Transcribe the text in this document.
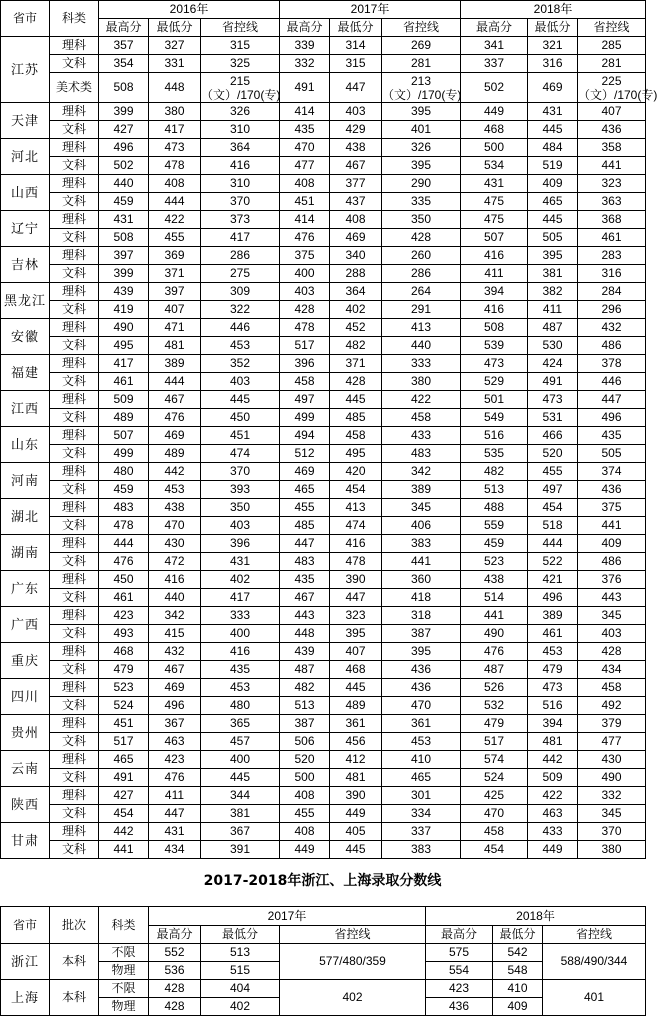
省市	科类	2016年			2017年			2018年		
		最高分	最低分	省控线	最高分	最低分	省控线	最高分	最低分	省控线
江苏	理科	357	327	315	339	314	269	341	321	285
	文科	354	331	325	332	315	281	337	316	281
	美术类	508	448	215（文）/170(专)	491	447	213（文）/170(专)	502	469	225（文）/170(专)
天津	理科	399	380	326	414	403	395	449	431	407
	文科	427	417	310	435	429	401	468	445	436
河北	理科	496	473	364	470	438	326	500	484	358
	文科	502	478	416	477	467	395	534	519	441
山西	理科	440	408	310	408	377	290	431	409	323
	文科	459	444	370	451	437	335	475	465	363
辽宁	理科	431	422	373	414	408	350	475	445	368
	文科	508	455	417	476	469	428	507	505	461
吉林	理科	397	369	286	375	340	260	416	395	283
	文科	399	371	275	400	288	286	411	381	316
黑龙江	理科	439	397	309	403	364	264	394	382	284
	文科	419	407	322	428	402	291	416	411	296
安徽	理科	490	471	446	478	452	413	508	487	432
	文科	495	481	453	517	482	440	539	530	486
福建	理科	417	389	352	396	371	333	473	424	378
	文科	461	444	403	458	428	380	529	491	446
江西	理科	509	467	445	497	445	422	501	473	447
	文科	489	476	450	499	485	458	549	531	496
山东	理科	507	469	451	494	458	433	516	466	435
	文科	499	489	474	512	495	483	535	520	505
河南	理科	480	442	370	469	420	342	482	455	374
	文科	459	453	393	465	454	389	513	497	436
湖北	理科	483	438	350	455	413	345	488	454	375
	文科	478	470	403	485	474	406	559	518	441
湖南	理科	444	430	396	447	416	383	459	444	409
	文科	476	472	431	483	478	441	523	522	486
广东	理科	450	416	402	435	390	360	438	421	376
	文科	461	440	417	467	447	418	514	496	443
广西	理科	423	342	333	443	323	318	441	389	345
	文科	493	415	400	448	395	387	490	461	403
重庆	理科	468	432	416	439	407	395	476	453	428
	文科	479	467	435	487	468	436	487	479	434
四川	理科	523	469	453	482	445	436	526	473	458
	文科	524	496	480	513	489	470	532	516	492
贵州	理科	451	367	365	387	361	361	479	394	379
	文科	517	463	457	506	456	453	517	481	477
云南	理科	465	423	400	520	412	410	574	442	430
	文科	491	476	445	500	481	465	524	509	490
陕西	理科	427	411	344	408	390	301	425	422	332
	文科	454	447	381	455	449	334	470	463	345
甘肃	理科	442	431	367	408	405	337	458	433	370
	文科	441	434	391	449	445	383	454	449	380
2017-2018年浙江、上海录取分数线
省市	批次	科类	2017年			2018年		
			最高分	最低分	省控线	最高分	最低分	省控线
浙江	本科	不限	552	513	577/480/359	575	542	588/490/344
		物理	536	515		554	548	
上海	本科	不限	428	404	402	423	410	401
		物理	428	402		436	409	
